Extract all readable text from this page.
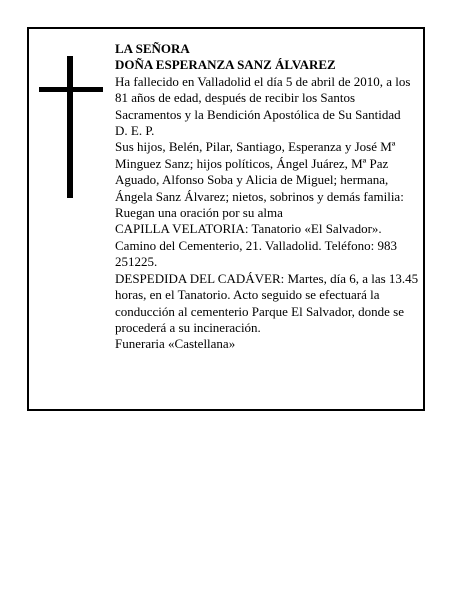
LA SEÑORA

DOÑA ESPERANZA SANZ ÁLVAREZ

Ha fallecido en Valladolid el día 5 de abril de 2010, a los 81 años de edad, después de recibir los Santos Sacramentos y la Bendición Apostólica de Su Santidad

D. E. P.

Sus hijos, Belén, Pilar, Santiago, Esperanza y José Mª Minguez Sanz; hijos políticos, Ángel Juárez, Mª Paz Aguado, Alfonso Soba y Alicia de Miguel; hermana, Ángela Sanz Álvarez; nietos, sobrinos y demás familia:

Ruegan una oración por su alma

CAPILLA VELATORIA: Tanatorio «El Salvador». Camino del Cementerio, 21. Valladolid. Teléfono: 983 251225.

DESPEDIDA DEL CADÁVER: Martes, día 6, a las 13.45 horas, en el Tanatorio. Acto seguido se efectuará la conducción al cementerio Parque El Salvador, donde se procederá a su incineración.

Funeraria «Castellana»
